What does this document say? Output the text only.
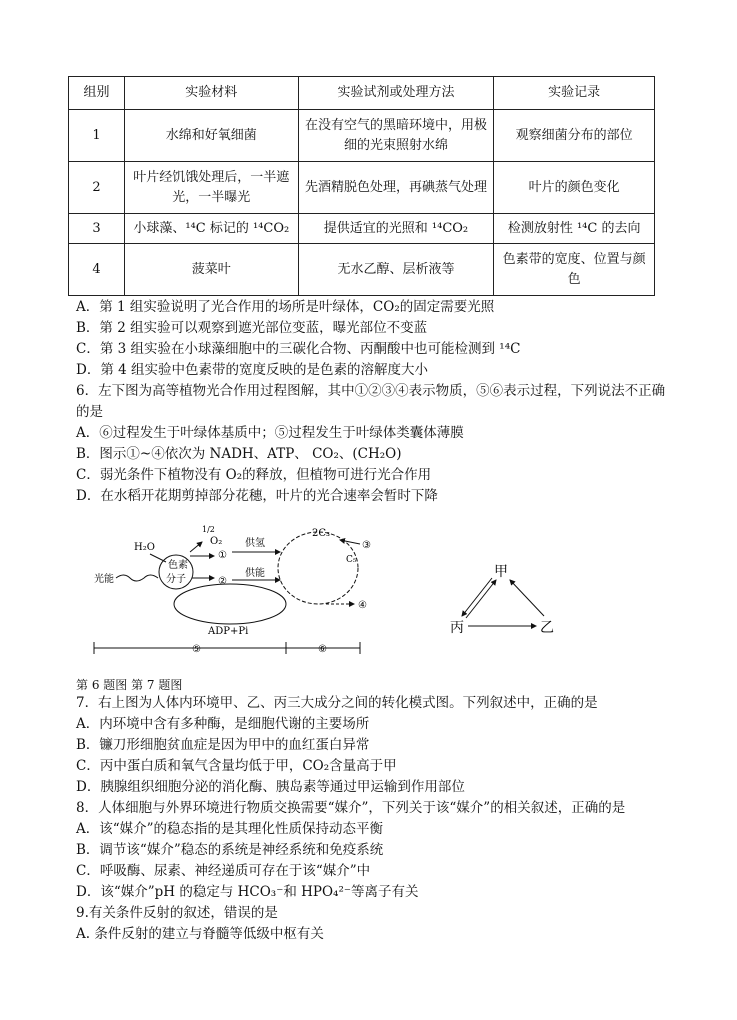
组别	实验材料	实验试剂或处理方法	实验记录
1	水绵和好氧细菌	在没有空气的黑暗环境中，用极细的光束照射水绵	观察细菌分布的部位
2	叶片经饥饿处理后，一半遮光，一半曝光	先酒精脱色处理，再碘蒸气处理	叶片的颜色变化
3	小球藻、¹⁴C 标记的 ¹⁴CO₂	提供适宜的光照和 ¹⁴CO₂	检测放射性 ¹⁴C 的去向
4	菠菜叶	无水乙醇、层析液等	色素带的宽度、位置与颜色
A．第 1 组实验说明了光合作用的场所是叶绿体，CO₂的固定需要光照
B．第 2 组实验可以观察到遮光部位变蓝，曝光部位不变蓝
C．第 3 组实验在小球藻细胞中的三碳化合物、丙酮酸中也可能检测到 ¹⁴C
D．第 4 组实验中色素带的宽度反映的是色素的溶解度大小
6．左下图为高等植物光合作用过程图解，其中①②③④表示物质，⑤⑥表示过程，下列说法不正确的是
A．⑥过程发生于叶绿体基质中；⑤过程发生于叶绿体类囊体薄膜
B．图示①~④依次为 NADH、ATP、 CO₂、(CH₂O)
C．弱光条件下植物没有 O₂的释放，但植物可进行光合作用
D．在水稻开花期剪掉部分花穗，叶片的光合速率会暂时下降
H₂O
1/2
O₂
色素
分子
光能
①
②
供氢
供能
ADP+Pi
2C₃
C₅
③
④
⑤	⑥
甲
丙	乙
第 6 题图 第 7 题图
7．右上图为人体内环境甲、乙、丙三大成分之间的转化模式图。下列叙述中，正确的是
A．内环境中含有多种酶，是细胞代谢的主要场所
B．镰刀形细胞贫血症是因为甲中的血红蛋白异常
C．丙中蛋白质和氧气含量均低于甲，CO₂含量高于甲
D．胰腺组织细胞分泌的消化酶、胰岛素等通过甲运输到作用部位
8．人体细胞与外界环境进行物质交换需要“媒介”，下列关于该“媒介”的相关叙述，正确的是
A．该“媒介”的稳态指的是其理化性质保持动态平衡
B．调节该“媒介”稳态的系统是神经系统和免疫系统
C．呼吸酶、尿素、神经递质可存在于该“媒介”中
D．该“媒介”pH 的稳定与 HCO₃⁻和 HPO₄²⁻等离子有关
9.有关条件反射的叙述，错误的是
A. 条件反射的建立与脊髓等低级中枢有关
